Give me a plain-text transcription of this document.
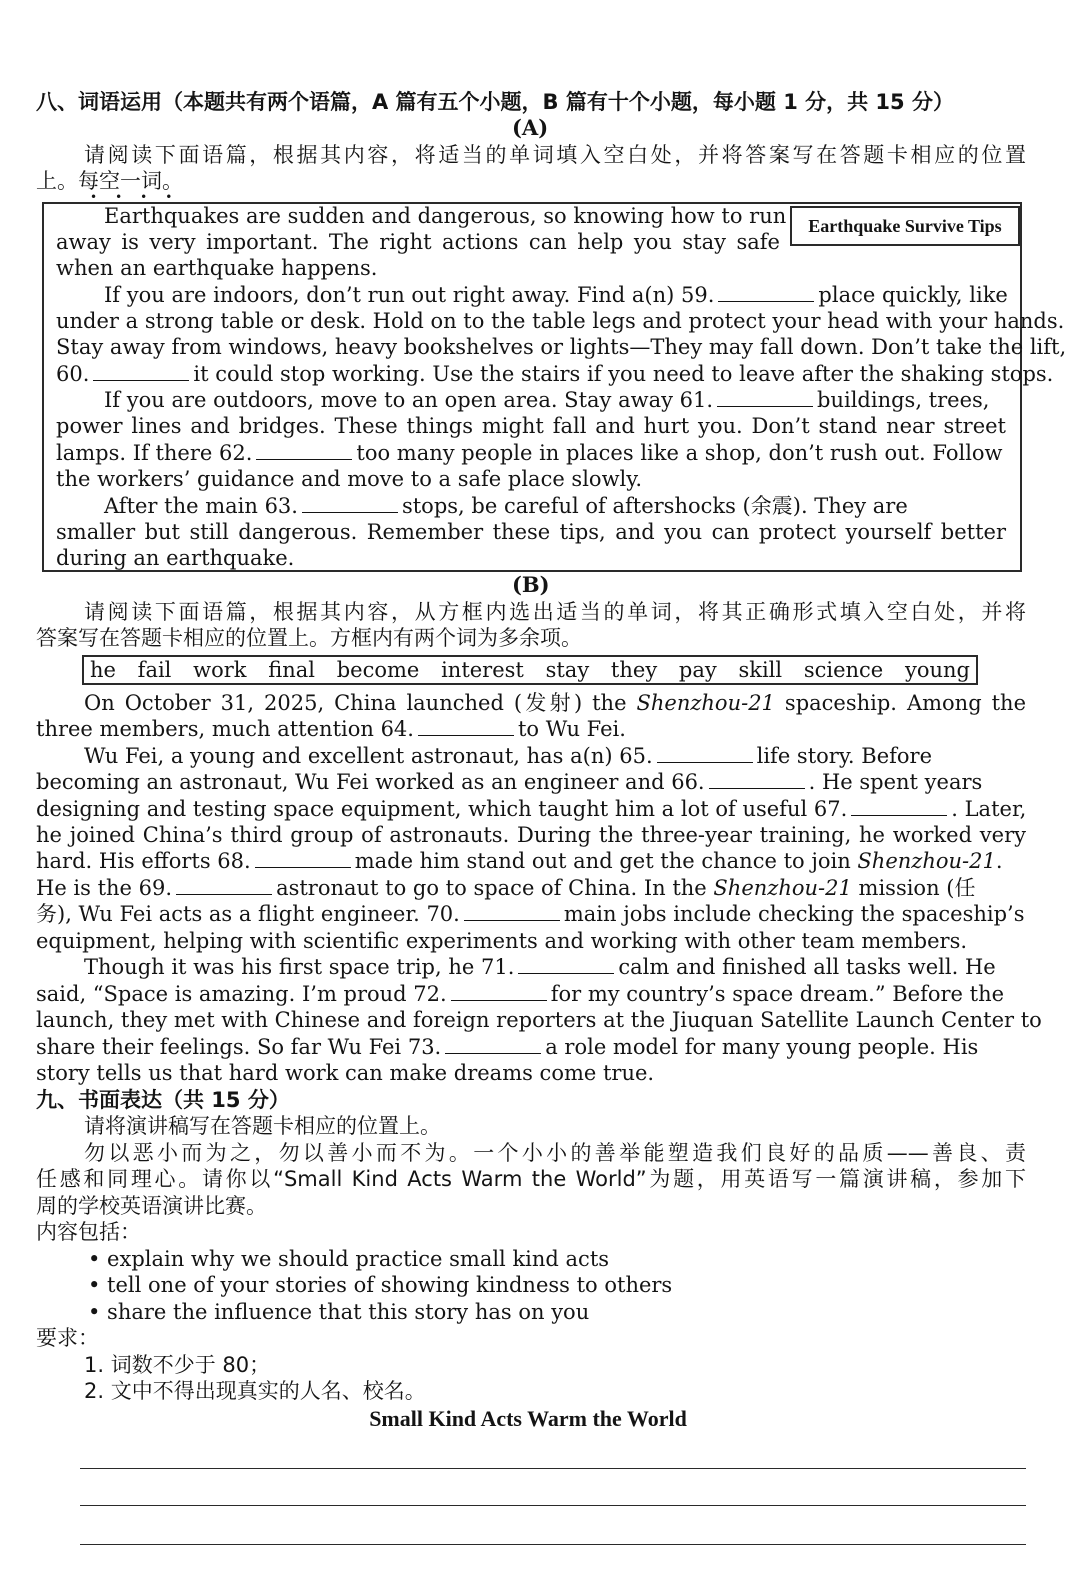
八、词语运用（本题共有两个语篇，A 篇有五个小题，B 篇有十个小题，每小题 1 分，共 15 分）
(A)
请阅读下面语篇，根据其内容，将适当的单词填入空白处，并将答案写在答题卡相应的位置
上。每空一词。
••••
Earthquake Survive Tips
Earthquakes are sudden and dangerous, so knowing how to run
away is very important. The right actions can help you stay safe
when an earthquake happens.
If you are indoors, don’t run out right away. Find a(n) 59.	place quickly, like
under a strong table or desk. Hold on to the table legs and protect your head with your hands.
Stay away from windows, heavy bookshelves or lights—They may fall down. Don’t take the lift,
60.	it could stop working. Use the stairs if you need to leave after the shaking stops.
If you are outdoors, move to an open area. Stay away 61.	buildings, trees,
power lines and bridges. These things might fall and hurt you. Don’t stand near street
lamps. If there 62.	too many people in places like a shop, don’t rush out. Follow
the workers’ guidance and move to a safe place slowly.
After the main 63.	stops, be careful of aftershocks (余震). They are
smaller but still dangerous. Remember these tips, and you can protect yourself better
during an earthquake.
(B)
请阅读下面语篇，根据其内容，从方框内选出适当的单词，将其正确形式填入空白处，并将
答案写在答题卡相应的位置上。方框内有两个词为多余项。
he fail work final become interest stay they pay skill science young
On October 31, 2025, China launched (发射) the Shenzhou-21 spaceship. Among the
three members, much attention 64.	to Wu Fei.
Wu Fei, a young and excellent astronaut, has a(n) 65.	life story. Before
becoming an astronaut, Wu Fei worked as an engineer and 66.	. He spent years
designing and testing space equipment, which taught him a lot of useful 67.	. Later,
he joined China’s third group of astronauts. During the three-year training, he worked very
hard. His efforts 68.	made him stand out and get the chance to join Shenzhou-21.
He is the 69.	astronaut to go to space of China. In the Shenzhou-21 mission (任
务), Wu Fei acts as a flight engineer. 70.	main jobs include checking the spaceship’s
equipment, helping with scientific experiments and working with other team members.
Though it was his first space trip, he 71.	calm and finished all tasks well. He
said, “Space is amazing. I’m proud 72.	for my country’s space dream.” Before the
launch, they met with Chinese and foreign reporters at the Jiuquan Satellite Launch Center to
share their feelings. So far Wu Fei 73.	a role model for many young people. His
story tells us that hard work can make dreams come true.
九、书面表达（共 15 分）
请将演讲稿写在答题卡相应的位置上。
勿以恶小而为之，勿以善小而不为。一个小小的善举能塑造我们良好的品质——善良、责
任感和同理心。请你以“Small Kind Acts Warm the World”为题，用英语写一篇演讲稿，参加下
周的学校英语演讲比赛。
内容包括：
• explain why we should practice small kind acts
• tell one of your stories of showing kindness to others
• share the influence that this story has on you
要求：
1. 词数不少于 80；
2. 文中不得出现真实的人名、校名。
Small Kind Acts Warm the World
